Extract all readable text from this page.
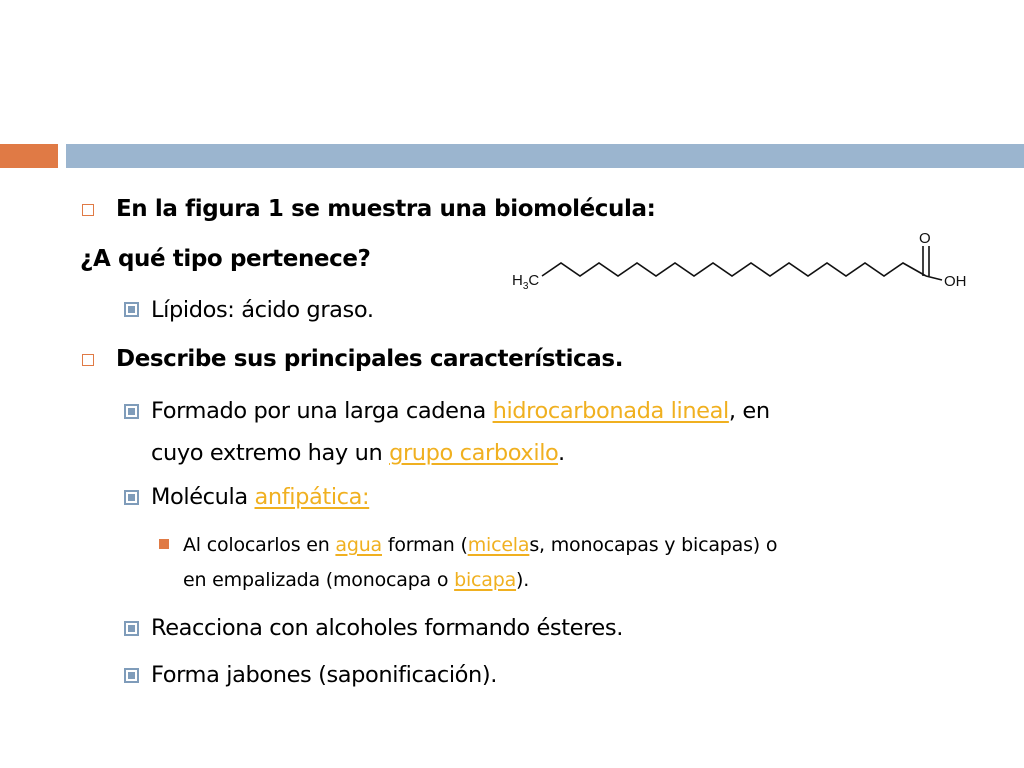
En la figura 1 se muestra una biomolécula:
¿A qué tipo pertenece?
Lípidos: ácido graso.
Describe sus principales características.
Formado por una larga cadena hidrocarbonada lineal, en
cuyo extremo hay un grupo carboxilo.
Molécula anfipática:
Al colocarlos en agua forman (micelas, monocapas y bicapas) o
en empalizada (monocapa o bicapa).
Reacciona con alcoholes formando ésteres.
Forma jabones (saponificación).
$H_3C$
O
OH
